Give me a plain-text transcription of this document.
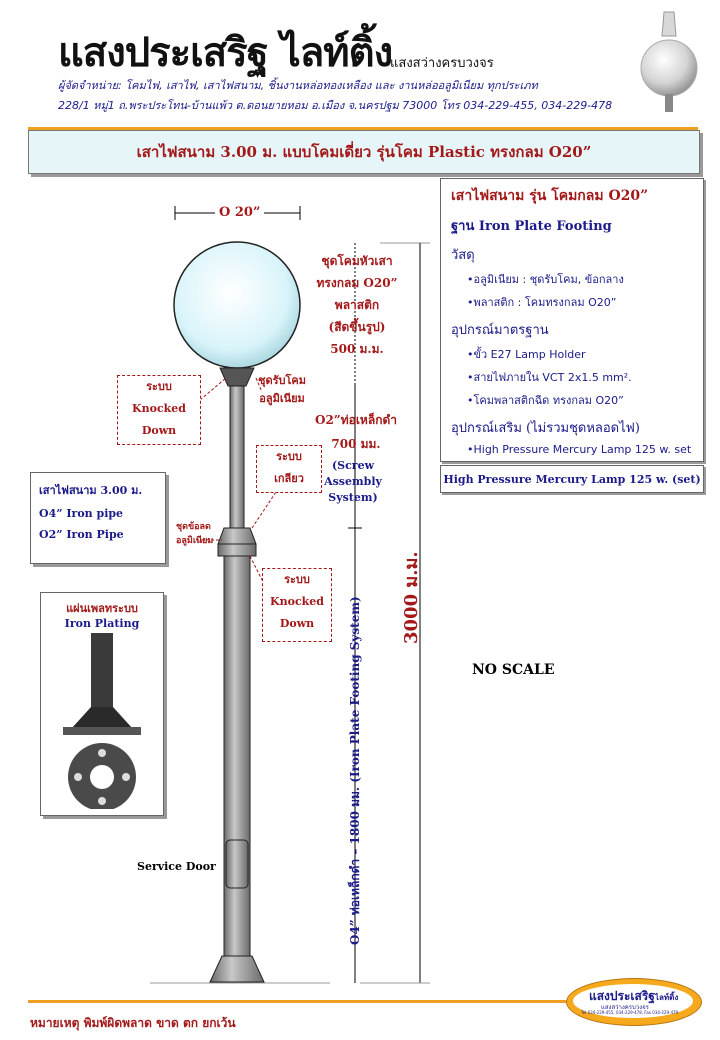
แสงประเสริฐ ไลท์ติ้ง
แสงสว่างครบวงจร
ผู้จัดจำหน่าย: โคมไฟ, เสาไฟ, เสาไฟสนาม, ชิ้นงานหล่อทองเหลือง และ งานหล่ออลูมิเนียม ทุกประเภท
228/1 หมู่1 ถ.พระประโทน-บ้านแพ้ว ต.ดอนยายหอม อ.เมือง จ.นครปฐม 73000 โทร 034-229-455, 034-229-478
เสาไฟสนาม 3.00 ม. แบบโคมเดี่ยว รุ่นโคม Plastic ทรงกลม O20”
เสาไฟสนาม รุ่น โคมกลม O20”
ฐาน Iron Plate Footing
วัสดุ
•อลูมิเนียม : ชุดรับโคม, ข้อกลาง
•พลาสติก : โคมทรงกลม O20”
อุปกรณ์มาตรฐาน
•ขั้ว E27 Lamp Holder
•สายไฟภายใน VCT 2x1.5 mm².
•โคมพลาสติกฉีด ทรงกลม O20”
อุปกรณ์เสริม (ไม่รวมชุดหลอดไฟ)
•High Pressure Mercury Lamp 125 w. set
High Pressure Mercury Lamp 125 w. (set)
เสาไฟสนาม 3.00 ม.
O4” Iron pipe
O2” Iron Pipe
แผ่นเพลทระบบ
Iron Plating
O 20”
ชุดโคมหัวเสา
ทรงกลม O20”
พลาสติก
(สีดขึ้นรูป)
500 ม.ม.
ชุดรับโคม
อลูมิเนียม
O2”ท่อเหล็กดำ
700 มม.
(Screw Assembly System)
ชุดข้อลด
อลูมิเนียม
ระบบ
Knocked
Down
ระบบ
เกลียว
ระบบ
Knocked
Down
Service Door
NO SCALE
3000 ม.ม.
O4” ท่อเหล็กดำ – 1800 มม. (Iron Plate Footing System)
หมายเหตุ พิมพ์ผิดพลาด ขาด ตก ยกเว้น
แสงประเสริฐไลท์ติ้ง
แสงสว่างครบวงจร
Tel 034-229-455, 034-229-478, Fax 034-229-479
